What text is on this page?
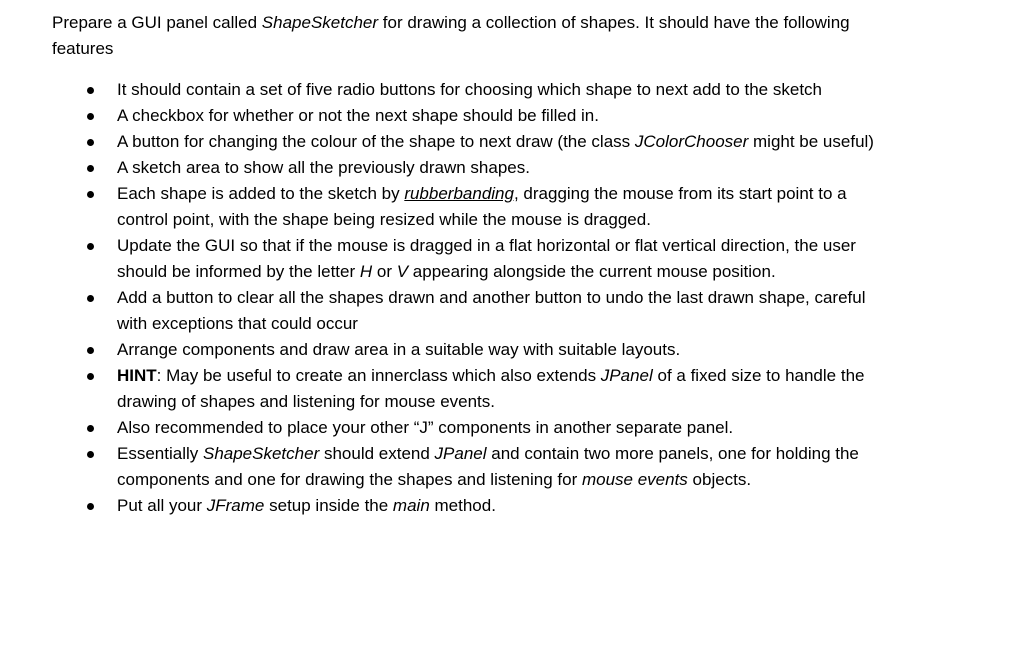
Prepare a GUI panel called ShapeSketcher for drawing a collection of shapes. It should have the following features

It should contain a set of five radio buttons for choosing which shape to next add to the sketch
A checkbox for whether or not the next shape should be filled in.
A button for changing the colour of the shape to next draw (the class JColorChooser might be useful)
A sketch area to show all the previously drawn shapes.
Each shape is added to the sketch by rubberbanding, dragging the mouse from its start point to a control point, with the shape being resized while the mouse is dragged.
Update the GUI so that if the mouse is dragged in a flat horizontal or flat vertical direction, the user should be informed by the letter H or V appearing alongside the current mouse position.
Add a button to clear all the shapes drawn and another button to undo the last drawn shape, careful with exceptions that could occur
Arrange components and draw area in a suitable way with suitable layouts.
HINT: May be useful to create an innerclass which also extends JPanel of a fixed size to handle the drawing of shapes and listening for mouse events.
Also recommended to place your other “J” components in another separate panel.
Essentially ShapeSketcher should extend JPanel and contain two more panels, one for holding the components and one for drawing the shapes and listening for mouse events objects.
Put all your JFrame setup inside the main method.
